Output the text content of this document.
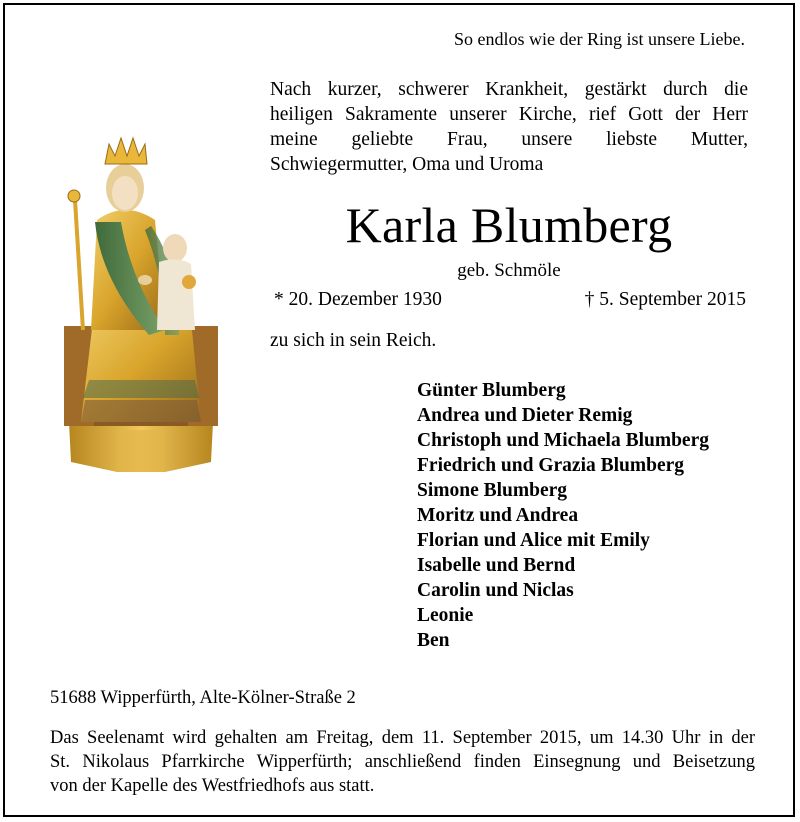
So endlos wie der Ring ist unsere Liebe.
Nach kurzer, schwerer Krankheit, gestärkt durch die
heiligen Sakramente unserer Kirche, rief Gott der Herr
meine geliebte Frau, unsere liebste Mutter,
Schwiegermutter, Oma und Uroma
Karla Blumberg
geb. Schmöle
* 20. Dezember 1930	† 5. September 2015
zu sich in sein Reich.
Günter Blumberg
Andrea und Dieter Remig
Christoph und Michaela Blumberg
Friedrich und Grazia Blumberg
Simone Blumberg
Moritz und Andrea
Florian und Alice mit Emily
Isabelle und Bernd
Carolin und Niclas
Leonie
Ben
51688 Wipperfürth, Alte-Kölner-Straße 2
Das Seelenamt wird gehalten am Freitag, dem 11. September 2015, um 14.30 Uhr in der
St. Nikolaus Pfarrkirche Wipperfürth; anschließend finden Einsegnung und Beisetzung
von der Kapelle des Westfriedhofs aus statt.
